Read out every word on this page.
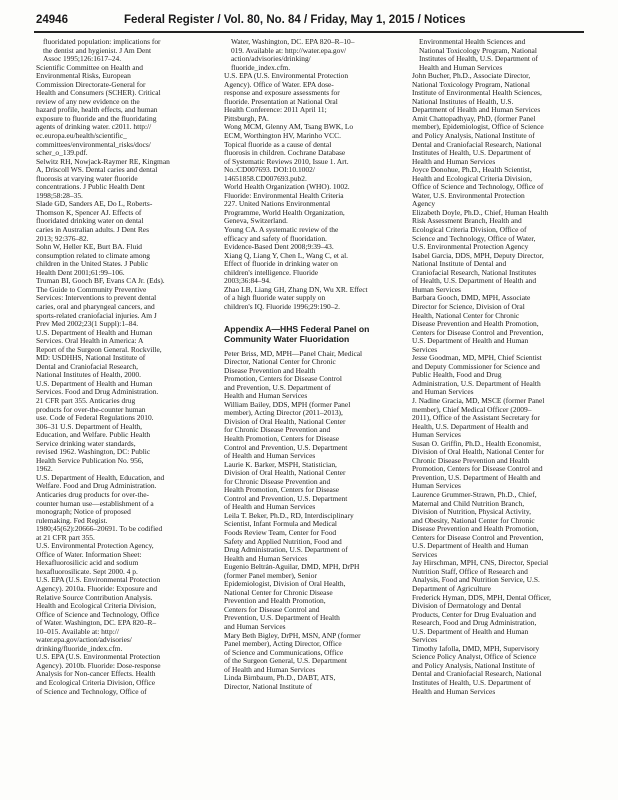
24946	Federal Register / Vol. 80, No. 84 / Friday, May 1, 2015 / Notices
fluoridated population: implications for
the dentist and hygienist. J Am Dent
Assoc 1995;126:1617–24.
Scientific Committee on Health and
Environmental Risks, European
Commission Directorate-General for
Health and Consumers (SCHER). Critical
review of any new evidence on the
hazard profile, health effects, and human
exposure to fluoride and the fluoridating
agents of drinking water. c2011. http://
ec.europa.eu/health/scientific_
committees/environmental_risks/docs/
scher_o_139.pdf.
Selwitz RH, Nowjack-Raymer RE, Kingman
A, Driscoll WS. Dental caries and dental
fluorosis at varying water fluoride
concentrations. J Public Health Dent
1998;58:28–35.
Slade GD, Sanders AE, Do L, Roberts-
Thomson K, Spencer AJ. Effects of
fluoridated drinking water on dental
caries in Australian adults. J Dent Res
2013; 92:376–82.
Sohn W, Heller KE, Burt BA. Fluid
consumption related to climate among
children in the United States. J Public
Health Dent 2001;61:99–106.
Truman BI, Gooch BF, Evans CA Jr. (Eds).
The Guide to Community Preventive
Services: Interventions to prevent dental
caries, oral and pharyngeal cancers, and
sports-related craniofacial injuries. Am J
Prev Med 2002;23(1 Suppl):1–84.
U.S. Department of Health and Human
Services. Oral Health in America: A
Report of the Surgeon General. Rockville,
MD: USDHHS, National Institute of
Dental and Craniofacial Research,
National Institutes of Health, 2000.
U.S. Department of Health and Human
Services. Food and Drug Administration.
21 CFR part 355. Anticaries drug
products for over-the-counter human
use. Code of Federal Regulations 2010.
306–31 U.S. Department of Health,
Education, and Welfare. Public Health
Service drinking water standards,
revised 1962. Washington, DC: Public
Health Service Publication No. 956,
1962.
U.S. Department of Health, Education, and
Welfare. Food and Drug Administration.
Anticaries drug products for over-the-
counter human use—establishment of a
monograph; Notice of proposed
rulemaking. Fed Regist.
1980;45(62):20666–20691. To be codified
at 21 CFR part 355.
U.S. Environmental Protection Agency,
Office of Water. Information Sheet:
Hexafluorosilicic acid and sodium
hexafluorosilicate. Sept 2000. 4 p.
U.S. EPA (U.S. Environmental Protection
Agency). 2010a. Fluoride: Exposure and
Relative Source Contribution Analysis.
Health and Ecological Criteria Division,
Office of Science and Technology, Office
of Water. Washington, DC. EPA 820–R–
10–015. Available at: http://
water.epa.gov/action/advisories/
drinking/fluoride_index.cfm.
U.S. EPA (U.S. Environmental Protection
Agency). 2010b. Fluoride: Dose-response
Analysis for Non-cancer Effects. Health
and Ecological Criteria Division, Office
of Science and Technology, Office of
Water, Washington, DC. EPA 820–R–10–
019. Available at: http://water.epa.gov/
action/advisories/drinking/
fluoride_index.cfm.
U.S. EPA (U.S. Environmental Protection
Agency). Office of Water. EPA dose-
response and exposure assessments for
fluoride. Presentation at National Oral
Health Conference: 2011 April 11;
Pittsburgh, PA.
Wong MCM, Glenny AM, Tsang BWK, Lo
ECM, Worthington HV, Marinho VCC.
Topical fluoride as a cause of dental
fluorosis in children. Cochrane Database
of Systematic Reviews 2010, Issue 1. Art.
No.:CD007693. DOI:10.1002/
14651858.CD007693.pub2.
World Health Organization (WHO). 1002.
Fluoride: Environmental Health Criteria
227. United Nations Environmental
Programme, World Health Organization,
Geneva, Switzerland.
Young CA. A systematic review of the
efficacy and safety of fluoridation.
Evidence-Based Dent 2008;9:39–43.
Xiang Q, Liang Y, Chen L, Wang C, et al.
Effect of fluoride in drinking water on
children's intelligence. Fluoride
2003;36:84–94.
Zhao LB, Liang GH, Zhang DN, Wu XR. Effect
of a high fluoride water supply on
children's IQ. Fluoride 1996;29:190–2.
Appendix A—HHS Federal Panel on
Community Water Fluoridation
Peter Briss, MD, MPH—Panel Chair, Medical
Director, National Center for Chronic
Disease Prevention and Health
Promotion, Centers for Disease Control
and Prevention, U.S. Department of
Health and Human Services
William Bailey, DDS, MPH (former Panel
member), Acting Director (2011–2013),
Division of Oral Health, National Center
for Chronic Disease Prevention and
Health Promotion, Centers for Disease
Control and Prevention, U.S. Department
of Health and Human Services
Laurie K. Barker, MSPH, Statistician,
Division of Oral Health, National Center
for Chronic Disease Prevention and
Health Promotion, Centers for Disease
Control and Prevention, U.S. Department
of Health and Human Services
Leila T. Beker, Ph.D., RD, Interdisciplinary
Scientist, Infant Formula and Medical
Foods Review Team, Center for Food
Safety and Applied Nutrition, Food and
Drug Administration, U.S. Department of
Health and Human Services
Eugenio Beltrán-Aguilar, DMD, MPH, DrPH
(former Panel member), Senior
Epidemiologist, Division of Oral Health,
National Center for Chronic Disease
Prevention and Health Promotion,
Centers for Disease Control and
Prevention, U.S. Department of Health
and Human Services
Mary Beth Bigley, DrPH, MSN, ANP (former
Panel member), Acting Director, Office
of Science and Communications, Office
of the Surgeon General, U.S. Department
of Health and Human Services
Linda Birnbaum, Ph.D., DABT, ATS,
Director, National Institute of
Environmental Health Sciences and
National Toxicology Program, National
Institutes of Health, U.S. Department of
Health and Human Services
John Bucher, Ph.D., Associate Director,
National Toxicology Program, National
Institute of Environmental Health Sciences,
National Institutes of Health, U.S.
Department of Health and Human Services
Amit Chattopadhyay, PhD, (former Panel
member), Epidemiologist, Office of Science
and Policy Analysis, National Institute of
Dental and Craniofacial Research, National
Institutes of Health, U.S. Department of
Health and Human Services
Joyce Donohue, Ph.D., Health Scientist,
Health and Ecological Criteria Division,
Office of Science and Technology, Office of
Water, U.S. Environmental Protection
Agency
Elizabeth Doyle, Ph.D., Chief, Human Health
Risk Assessment Branch, Health and
Ecological Criteria Division, Office of
Science and Technology, Office of Water,
U.S. Environmental Protection Agency
Isabel Garcia, DDS, MPH, Deputy Director,
National Institute of Dental and
Craniofacial Research, National Institutes
of Health, U.S. Department of Health and
Human Services
Barbara Gooch, DMD, MPH, Associate
Director for Science, Division of Oral
Health, National Center for Chronic
Disease Prevention and Health Promotion,
Centers for Disease Control and Prevention,
U.S. Department of Health and Human
Services
Jesse Goodman, MD, MPH, Chief Scientist
and Deputy Commissioner for Science and
Public Health, Food and Drug
Administration, U.S. Department of Health
and Human Services
J. Nadine Gracia, MD, MSCE (former Panel
member), Chief Medical Officer (2009–
2011), Office of the Assistant Secretary for
Health, U.S. Department of Health and
Human Services
Susan O. Griffin, Ph.D., Health Economist,
Division of Oral Health, National Center for
Chronic Disease Prevention and Health
Promotion, Centers for Disease Control and
Prevention, U.S. Department of Health and
Human Services
Laurence Grummer-Strawn, Ph.D., Chief,
Maternal and Child Nutrition Branch,
Division of Nutrition, Physical Activity,
and Obesity, National Center for Chronic
Disease Prevention and Health Promotion,
Centers for Disease Control and Prevention,
U.S. Department of Health and Human
Services
Jay Hirschman, MPH, CNS, Director, Special
Nutrition Staff, Office of Research and
Analysis, Food and Nutrition Service, U.S.
Department of Agriculture
Frederick Hyman, DDS, MPH, Dental Officer,
Division of Dermatology and Dental
Products, Center for Drug Evaluation and
Research, Food and Drug Administration,
U.S. Department of Health and Human
Services
Timothy Iafolla, DMD, MPH, Supervisory
Science Policy Analyst, Office of Science
and Policy Analysis, National Institute of
Dental and Craniofacial Research, National
Institutes of Health, U.S. Department of
Health and Human Services
